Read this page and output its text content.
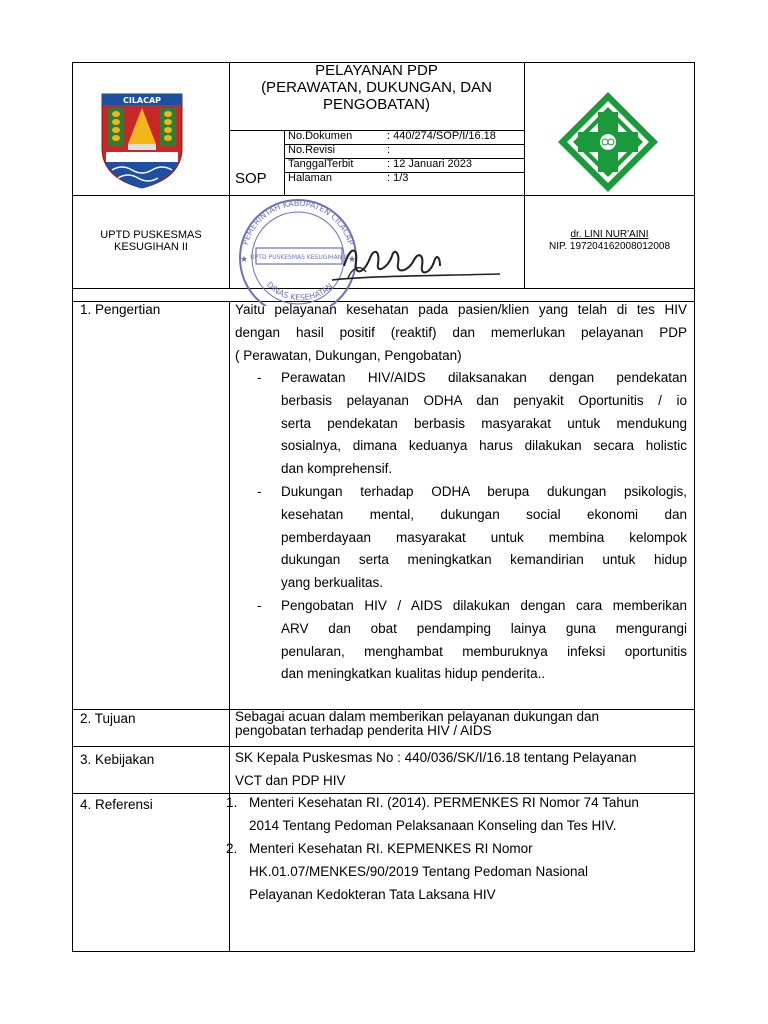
CILACAP
PELAYANAN PDP
(PERAWATAN, DUKUNGAN, DAN
PENGOBATAN)
SOP
No.Dokumen	: 440/274/SOP/I/16.18
No.Revisi	:
TanggalTerbit	: 12 Januari 2023
Halaman	: 1/3
UPTD PUSKESMAS
KESUGIHAN II	PEMERINTAH KABUPATEN CILACAP
UPTD PUSKESMAS KESUGIHAN II
DINAS KESEHATAN
★	★
dr. LINI NUR'AINI
NIP. 197204162008012008
1. Pengertian	Yaitu pelayanan kesehatan pada pasien/klien yang telah di tes HIV
dengan hasil positif (reaktif) dan memerlukan pelayanan PDP
( Perawatan, Dukungan, Pengobatan)
- Perawatan HIV/AIDS dilaksanakan dengan pendekatan
berbasis pelayanan ODHA dan penyakit Oportunitis / io
serta pendekatan berbasis masyarakat untuk mendukung
sosialnya, dimana keduanya harus dilakukan secara holistic
dan komprehensif.
- Dukungan terhadap ODHA berupa dukungan psikologis,
kesehatan mental, dukungan social ekonomi dan
pemberdayaan masyarakat untuk membina kelompok
dukungan serta meningkatkan kemandirian untuk hidup
yang berkualitas.
- Pengobatan HIV / AIDS dilakukan dengan cara memberikan
ARV dan obat pendamping lainya guna mengurangi
penularan, menghambat memburuknya infeksi oportunitis
dan meningkatkan kualitas hidup penderita..
2. Tujuan	Sebagai acuan dalam memberikan pelayanan dukungan dan
pengobatan terhadap penderita HIV / AIDS
3. Kebijakan	SK Kepala Puskesmas No : 440/036/SK/I/16.18 tentang Pelayanan
VCT dan PDP HIV
4. Referensi	1. Menteri Kesehatan RI. (2014). PERMENKES RI Nomor 74 Tahun
2014 Tentang Pedoman Pelaksanaan Konseling dan Tes HIV.
2. Menteri Kesehatan RI. KEPMENKES RI Nomor
HK.01.07/MENKES/90/2019 Tentang Pedoman Nasional
Pelayanan Kedokteran Tata Laksana HIV
